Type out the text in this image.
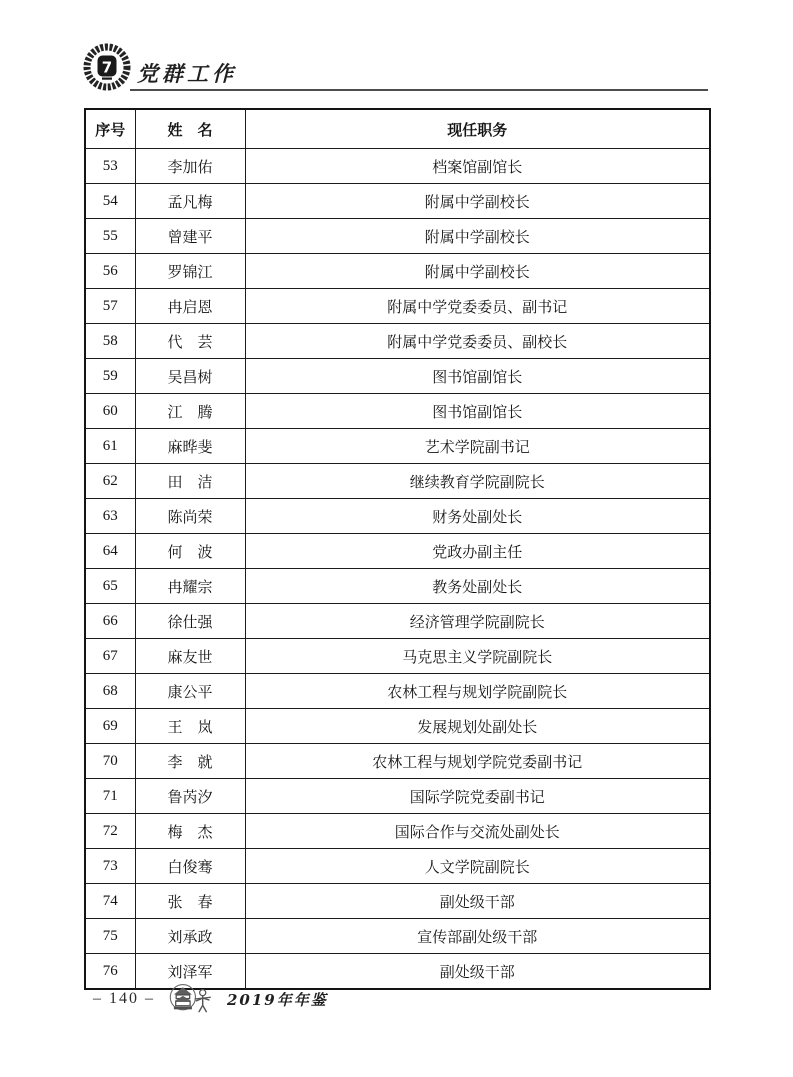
7 党群工作
序号	姓　名	现任职务
53	李加佑	档案馆副馆长
54	孟凡梅	附属中学副校长
55	曾建平	附属中学副校长
56	罗锦江	附属中学副校长
57	冉启恩	附属中学党委委员、副书记
58	代　芸	附属中学党委委员、副校长
59	吴昌树	图书馆副馆长
60	江　腾	图书馆副馆长
61	麻晔斐	艺术学院副书记
62	田　洁	继续教育学院副院长
63	陈尚荣	财务处副处长
64	何　波	党政办副主任
65	冉耀宗	教务处副处长
66	徐仕强	经济管理学院副院长
67	麻友世	马克思主义学院副院长
68	康公平	农林工程与规划学院副院长
69	王　岚	发展规划处副处长
70	李　就	农林工程与规划学院党委副书记
71	鲁芮汐	国际学院党委副书记
72	梅　杰	国际合作与交流处副处长
73	白俊骞	人文学院副院长
74	张　春	副处级干部
75	刘承政	宣传部副处级干部
76	刘泽军	副处级干部
– 140 –	2019年年鉴
